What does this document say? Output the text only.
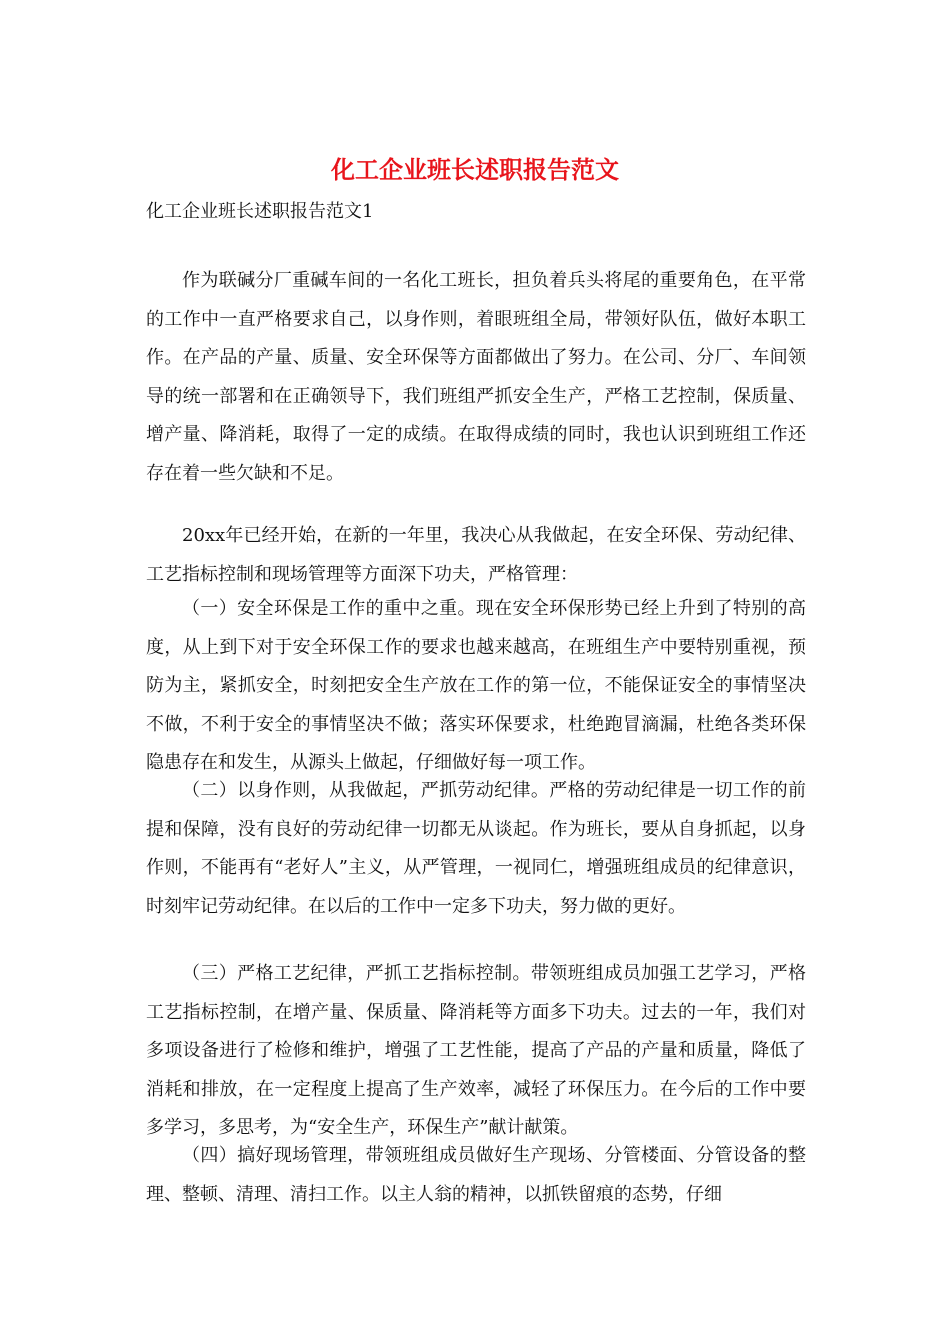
化工企业班长述职报告范文

化工企业班长述职报告范文1

作为联碱分厂重碱车间的一名化工班长，担负着兵头将尾的重要角色，在平常的工作中一直严格要求自己，以身作则，着眼班组全局，带领好队伍，做好本职工作。在产品的产量、质量、安全环保等方面都做出了努力。在公司、分厂、车间领导的统一部署和在正确领导下，我们班组严抓安全生产，严格工艺控制，保质量、增产量、降消耗，取得了一定的成绩。在取得成绩的同时，我也认识到班组工作还存在着一些欠缺和不足。

20xx年已经开始，在新的一年里，我决心从我做起，在安全环保、劳动纪律、工艺指标控制和现场管理等方面深下功夫，严格管理：

（一）安全环保是工作的重中之重。现在安全环保形势已经上升到了特别的高度，从上到下对于安全环保工作的要求也越来越高，在班组生产中要特别重视，预防为主，紧抓安全，时刻把安全生产放在工作的第一位，不能保证安全的事情坚决不做，不利于安全的事情坚决不做；落实环保要求，杜绝跑冒滴漏，杜绝各类环保隐患存在和发生，从源头上做起，仔细做好每一项工作。

（二）以身作则，从我做起，严抓劳动纪律。严格的劳动纪律是一切工作的前提和保障，没有良好的劳动纪律一切都无从谈起。作为班长，要从自身抓起，以身作则，不能再有“老好人”主义，从严管理，一视同仁，增强班组成员的纪律意识，时刻牢记劳动纪律。在以后的工作中一定多下功夫，努力做的更好。

（三）严格工艺纪律，严抓工艺指标控制。带领班组成员加强工艺学习，严格工艺指标控制，在增产量、保质量、降消耗等方面多下功夫。过去的一年，我们对多项设备进行了检修和维护，增强了工艺性能，提高了产品的产量和质量，降低了消耗和排放，在一定程度上提高了生产效率，减轻了环保压力。在今后的工作中要多学习，多思考，为“安全生产，环保生产”献计献策。

（四）搞好现场管理，带领班组成员做好生产现场、分管楼面、分管设备的整理、整顿、清理、清扫工作。以主人翁的精神，以抓铁留痕的态势，仔细
